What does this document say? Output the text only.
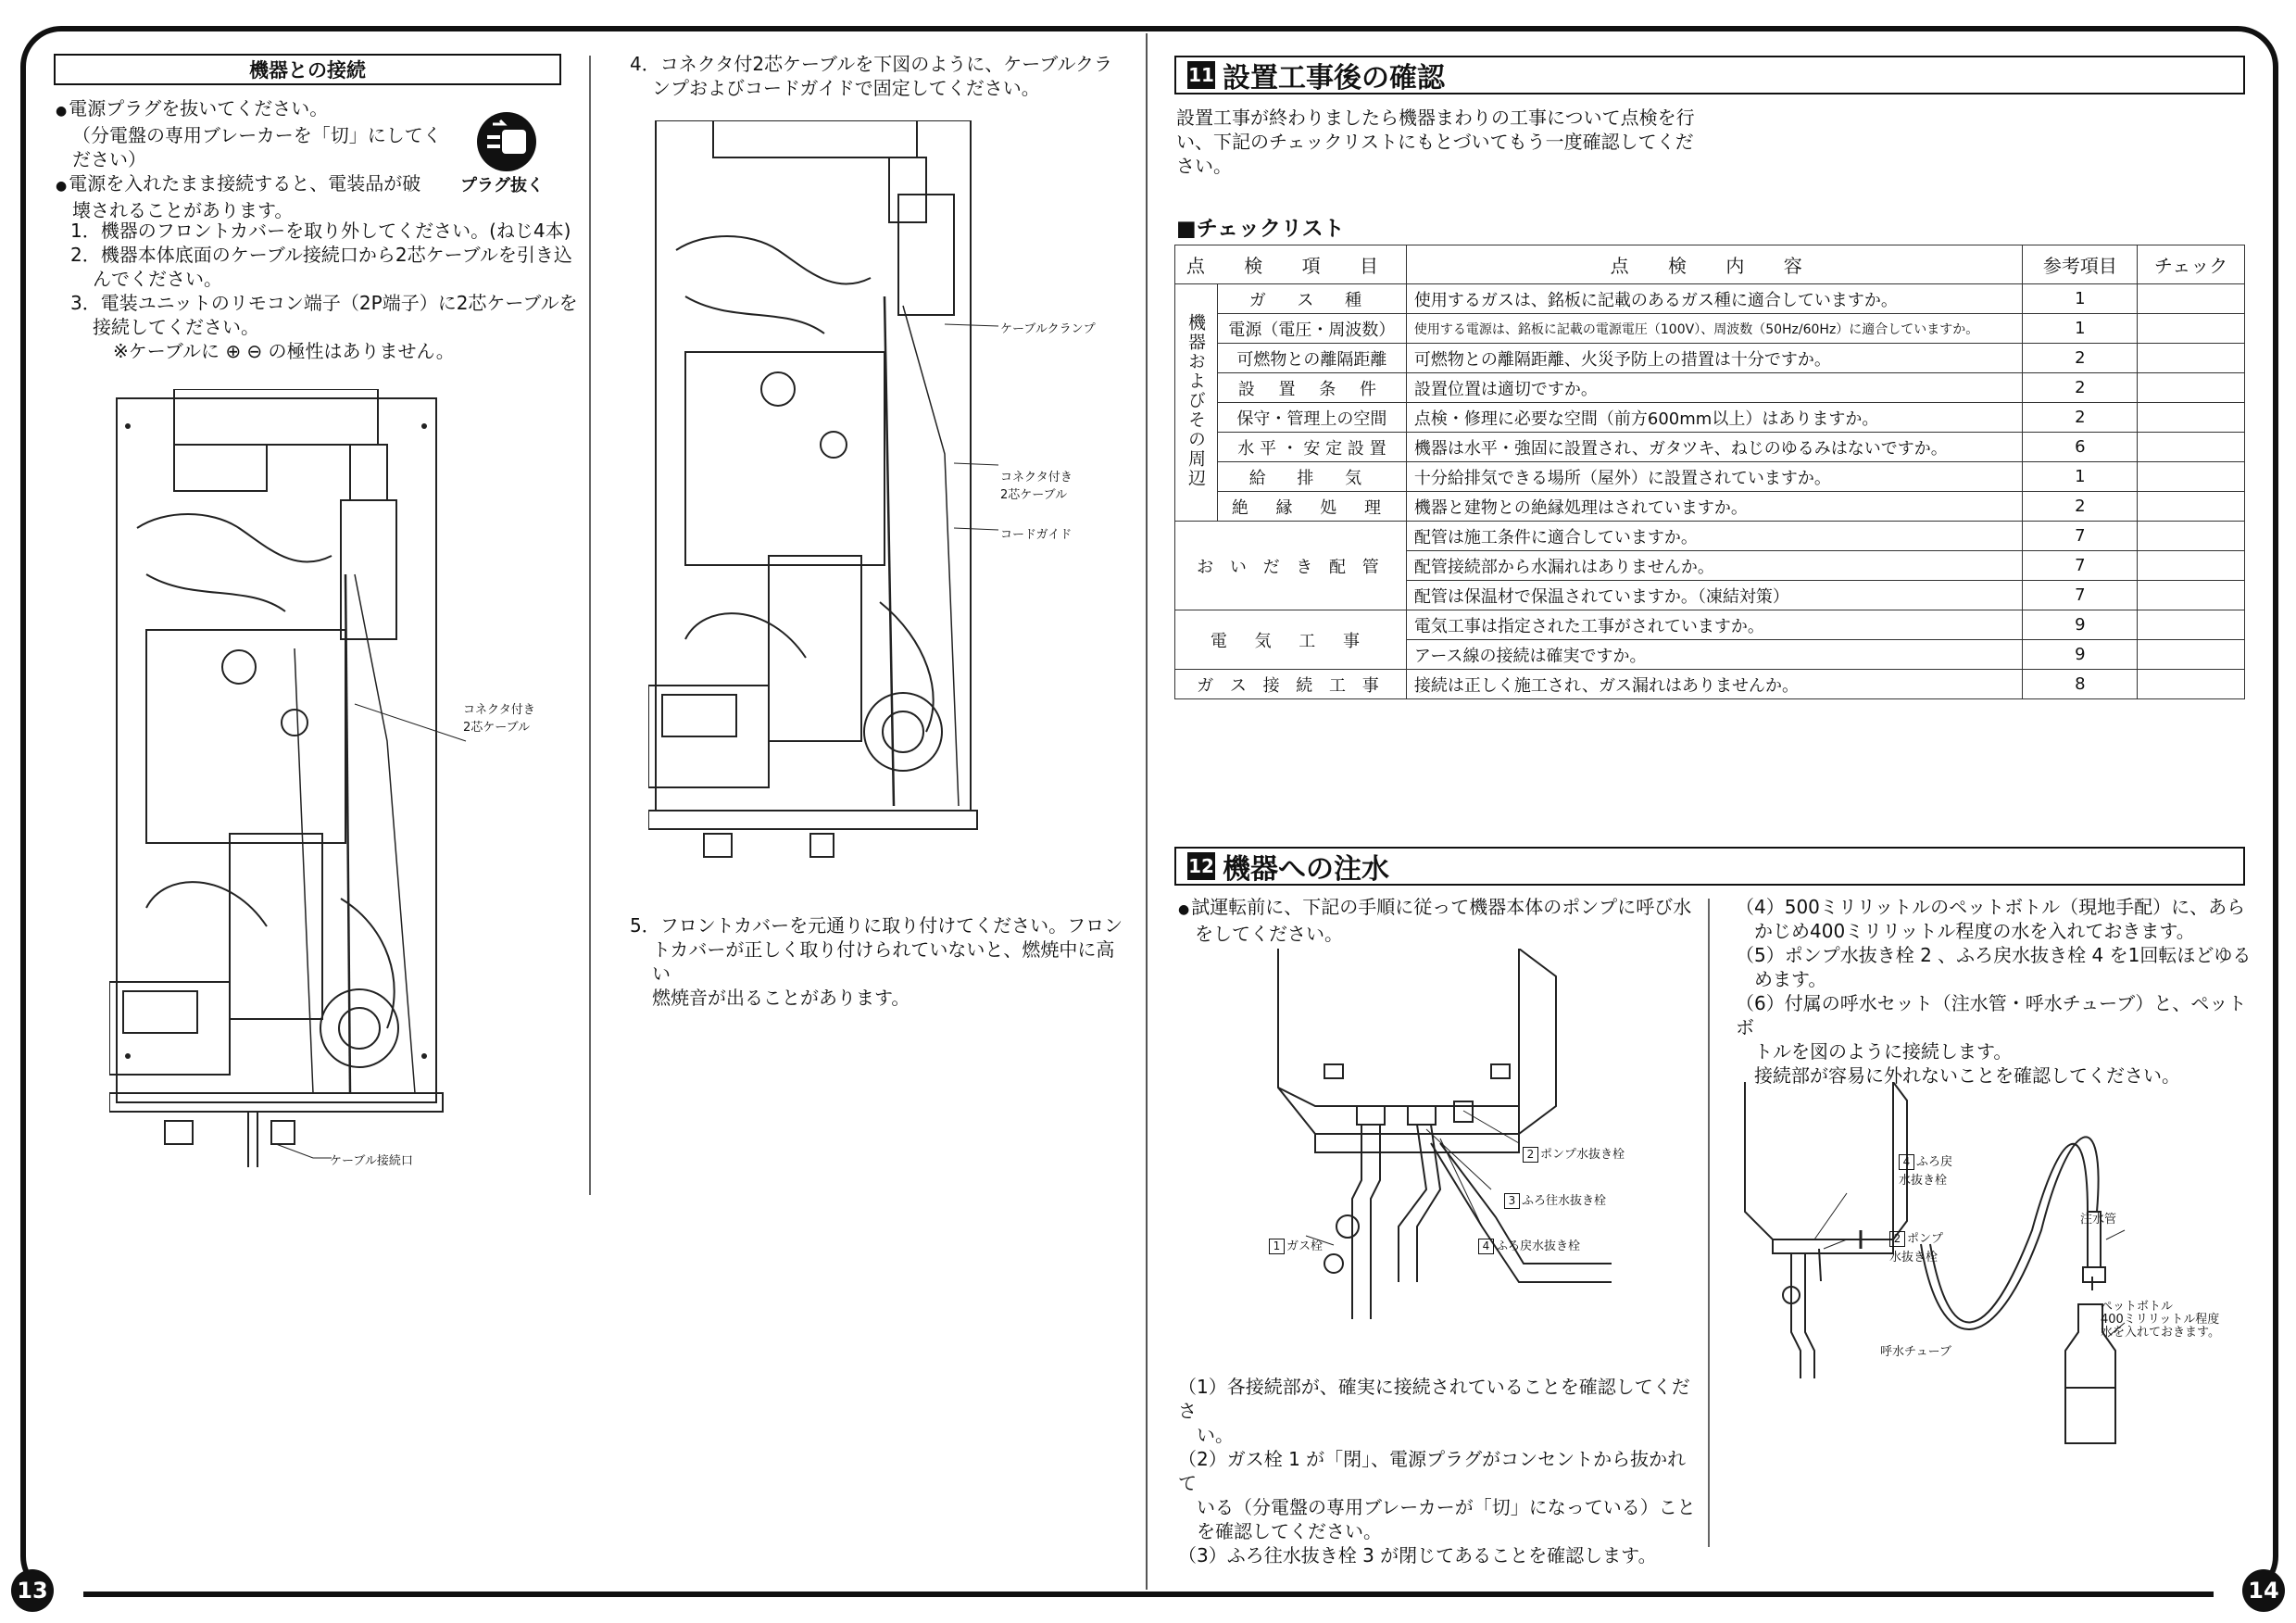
13	14
機器との接続
● 電源プラグを抜いてください。
（分電盤の専用ブレーカーを「切」にしてく
ださい）
● 電源を入れたまま接続すると、電装品が破
壊されることがあります。
プラグ抜く
1．機器のフロントカバーを取り外してください。(ねじ4本)
2．機器本体底面のケーブル接続口から2芯ケーブルを引き込
んでください。
3．電装ユニットのリモコン端子（2P端子）に2芯ケーブルを
接続してください。
※ケーブルに ⊕ ⊖ の極性はありません。
コネクタ付き
2芯ケーブル
ケーブル接続口
4．コネクタ付2芯ケーブルを下図のように、ケーブルクラ
ンプおよびコードガイドで固定してください。
ケーブルクランプ
コネクタ付き
2芯ケーブル
コードガイド
5．フロントカバーを元通りに取り付けてください。フロン
トカバーが正しく取り付けられていないと、燃焼中に高い
燃焼音が出ることがあります。
11 設置工事後の確認
設置工事が終わりましたら機器まわりの工事について点検を行
い、下記のチェックリストにもとづいてもう一度確認してくだ
さい。
■チェックリスト
点 検 項 目		点 検 内 容	参考項目	チェック
機器およびその周辺	ガ ス 種	使用するガスは、銘板に記載のあるガス種に適合していますか。	1	
	電源（電圧・周波数）	使用する電源は、銘板に記載の電源電圧（100V）、周波数（50Hz/60Hz）に適合していますか。	1	
	可燃物との離隔距離	可燃物との離隔距離、火災予防上の措置は十分ですか。	2	
	設 置 条 件	設置位置は適切ですか。	2	
	保守・管理上の空間	点検・修理に必要な空間（前方600mm以上）はありますか。	2	
	水 平 ・ 安 定 設 置	機器は水平・強固に設置され、ガタツキ、ねじのゆるみはないですか。	6	
	給 排 気	十分給排気できる場所（屋外）に設置されていますか。	1	
	絶 縁 処 理	機器と建物との絶縁処理はされていますか。	2	
お い だ き 配 管		配管は施工条件に適合していますか。	7	
		配管接続部から水漏れはありませんか。	7	
		配管は保温材で保温されていますか。（凍結対策）	7	
電 気 工 事		電気工事は指定された工事がされていますか。	9	
		アース線の接続は確実ですか。	9	
ガ ス 接 続 工 事		接続は正しく施工され、ガス漏れはありませんか。	8	
12 機器への注水
● 試運転前に、下記の手順に従って機器本体のポンプに呼び水
をしてください。
2 ポンプ水抜き栓
3 ふろ往水抜き栓
4 ふろ戻水抜き栓
1 ガス栓
（1）各接続部が、確実に接続されていることを確認してくださ
い。
（2）ガス栓 1 が「閉」、電源プラグがコンセントから抜かれて
いる（分電盤の専用ブレーカーが「切」になっている）こと
を確認してください。
（3）ふろ往水抜き栓 3 が閉じてあることを確認します。
（4）500ミリリットルのペットボトル（現地手配）に、あら
かじめ400ミリリットル程度の水を入れておきます。
（5）ポンプ水抜き栓 2 、ふろ戻水抜き栓 4 を1回転ほどゆる
めます。
（6）付属の呼水セット（注水管・呼水チューブ）と、ペットボ
トルを図のように接続します。
接続部が容易に外れないことを確認してください。
4 ふろ戻
水抜き栓
2 ポンプ
水抜き栓
注水管
ペットボトル
400ミリリットル程度
水を入れておきます。
呼水チューブ
